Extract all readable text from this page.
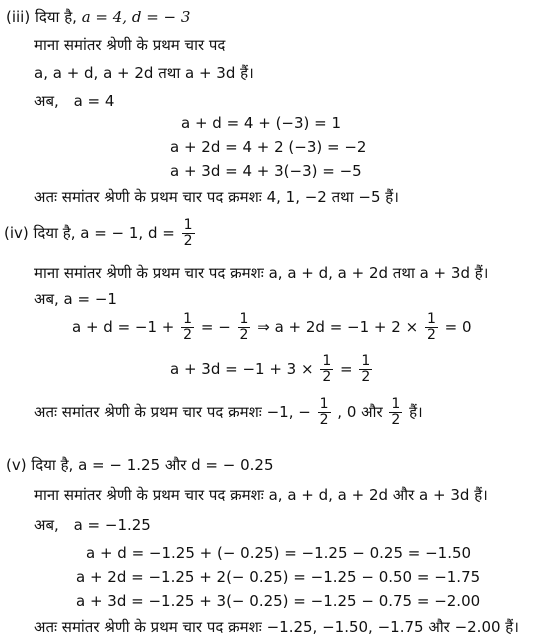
(iii) दिया है, a = 4, d = − 3
माना समांतर श्रेणी के प्रथम चार पद
a, a + d, a + 2d तथा a + 3d हैं।
अब, a = 4
a + d = 4 + (−3) = 1
a + 2d = 4 + 2 (−3) = −2
a + 3d = 4 + 3(−3) = −5
अतः समांतर श्रेणी के प्रथम चार पद क्रमशः 4, 1, −2 तथा −5 हैं।
(iv) दिया है, a = − 1, $d = \frac{1}{2}$
माना समांतर श्रेणी के प्रथम चार पद क्रमशः a, a + d, a + 2d तथा a + 3d हैं।
अब, a = −1
$a + d = -1 + \frac{1}{2}$ = − $\frac{1}{2}$ ⇒ $a + 2d = -1 + 2 \times \frac{1}{2} = 0$
$a + 3d = -1 + 3 \times \frac{1}{2} = \frac{1}{2}$
अतः समांतर श्रेणी के प्रथम चार पद क्रमशः −1, − $\frac{1}{2}$ , 0 और $\frac{1}{2}$ हैं।
(v) दिया है, a = − 1.25 और d = − 0.25
माना समांतर श्रेणी के प्रथम चार पद क्रमशः a, a + d, a + 2d और a + 3d हैं।
अब, a = −1.25
a + d = −1.25 + (− 0.25) = −1.25 − 0.25 = −1.50
a + 2d = −1.25 + 2(− 0.25) = −1.25 − 0.50 = −1.75
a + 3d = −1.25 + 3(− 0.25) = −1.25 − 0.75 = −2.00
अतः समांतर श्रेणी के प्रथम चार पद क्रमशः −1.25, −1.50, −1.75 और −2.00 हैं।
